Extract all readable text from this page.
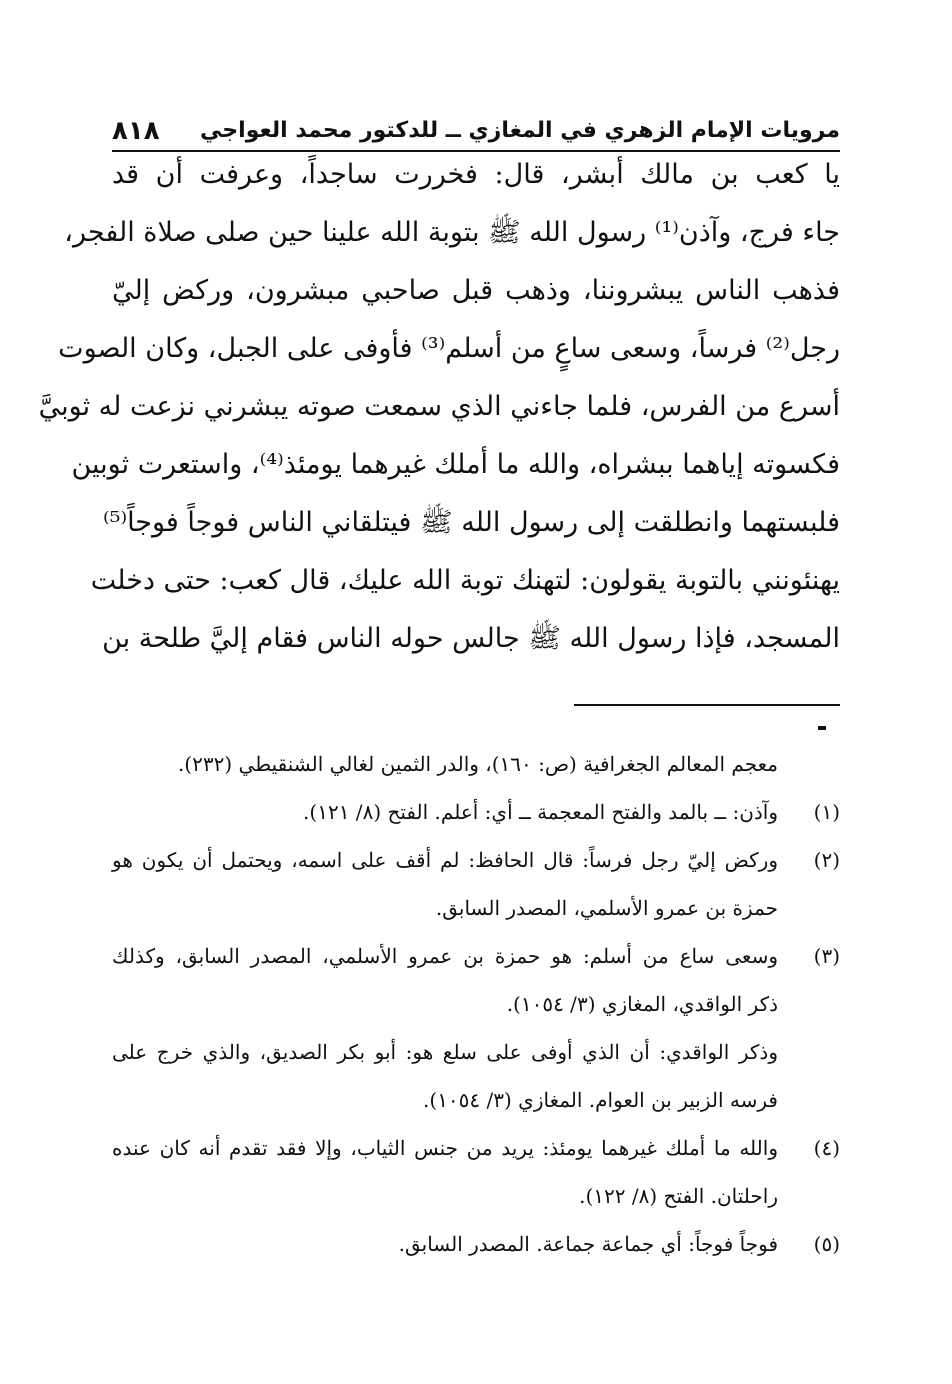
مرويات الإمام الزهري في المغازي ــ للدكتور محمد العواجي
٨١٨
يا كعب بن مالك أبشر، قال: فخررت ساجداً، وعرفت أن قد
جاء فرج، وآذن⁽¹⁾ رسول الله ﷺ بتوبة الله علينا حين صلى صلاة الفجر،
فذهب الناس يبشروننا، وذهب قبل صاحبي مبشرون، وركض إليّ
رجل⁽²⁾ فرساً، وسعى ساعٍ من أسلم⁽³⁾ فأوفى على الجبل، وكان الصوت
أسرع من الفرس، فلما جاءني الذي سمعت صوته يبشرني نزعت له ثوبيَّ
فكسوته إياهما ببشراه، والله ما أملك غيرهما يومئذ⁽⁴⁾، واستعرت ثوبين
فلبستهما وانطلقت إلى رسول الله ﷺ فيتلقاني الناس فوجاً فوجاً⁽⁵⁾
يهنئونني بالتوبة يقولون: لتهنك توبة الله عليك، قال كعب: حتى دخلت
المسجد، فإذا رسول الله ﷺ جالس حوله الناس فقام إليَّ طلحة بن
معجم المعالم الجغرافية (ص: ١٦٠)، والدر الثمين لغالي الشنقيطي (٢٣٢).
(١)
وآذن: ــ بالمد والفتح المعجمة ــ أي: أعلم. الفتح (٨/ ١٢١).
(٢)
وركض إليّ رجل فرساً: قال الحافظ: لم أقف على اسمه، ويحتمل أن يكون هو
حمزة بن عمرو الأسلمي، المصدر السابق.
(٣)
وسعى ساع من أسلم: هو حمزة بن عمرو الأسلمي، المصدر السابق، وكذلك
ذكر الواقدي، المغازي (٣/ ١٠٥٤).
وذكر الواقدي: أن الذي أوفى على سلع هو: أبو بكر الصديق، والذي خرج على
فرسه الزبير بن العوام. المغازي (٣/ ١٠٥٤).
(٤)
والله ما أملك غيرهما يومئذ: يريد من جنس الثياب، وإلا فقد تقدم أنه كان عنده
راحلتان. الفتح (٨/ ١٢٢).
(٥)
فوجاً فوجاً: أي جماعة جماعة. المصدر السابق.
